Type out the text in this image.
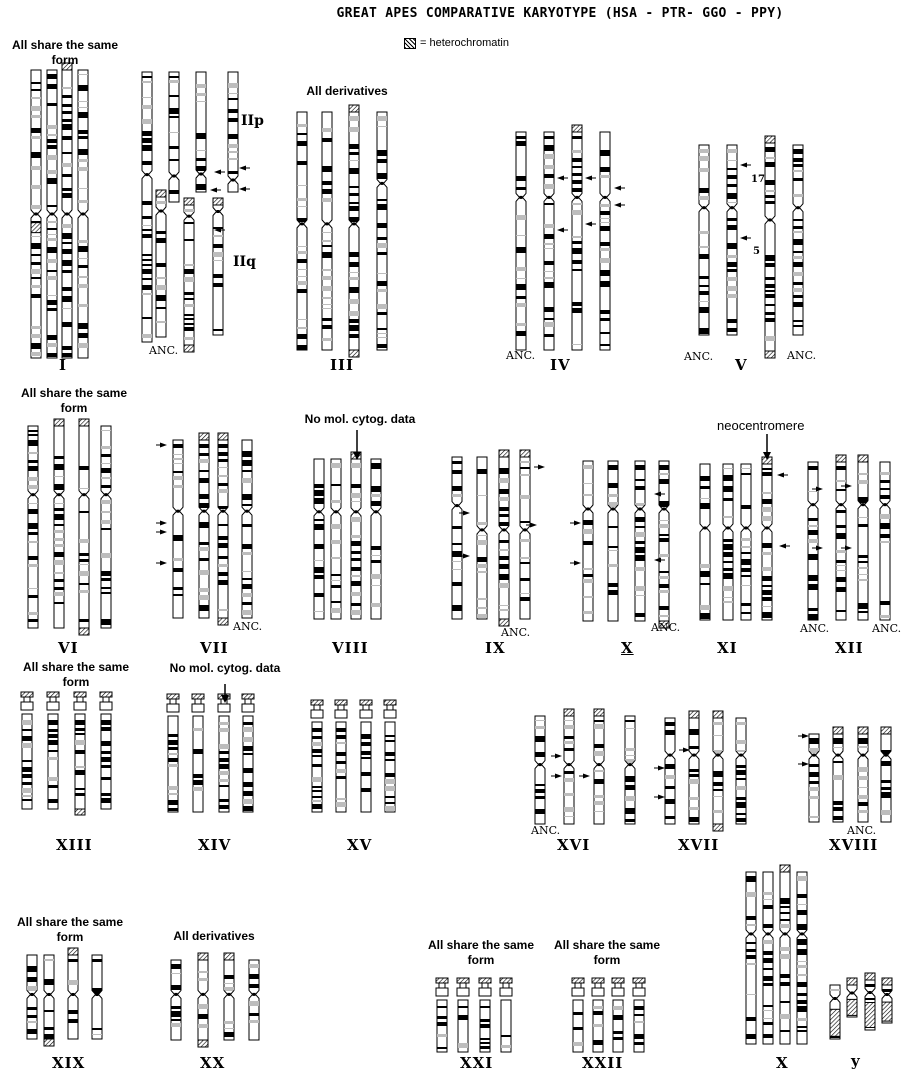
GREAT APES COMPARATIVE KARYOTYPE (HSA - PTR- GGO - PPY)
= heterochromatin
All share the same form
All derivatives
All share the same form
No mol. cytog. data	neocentromere
All share the same form
No mol. cytog. data
All share the same form	All derivatives
All share the same form
All share the same form
I	III	IV	V
VI	VII	VIII	IX	X	XI	XII
XIII	XIV	XV	XVI	XVII	XVIII
XIX	XX	XXI	XXII	X	y
IIp
IIq
17
5
ANC.	ANC.	ANC.	ANC.
ANC.	ANC.	ANC.	ANC.	ANC.
ANC.	ANC.
